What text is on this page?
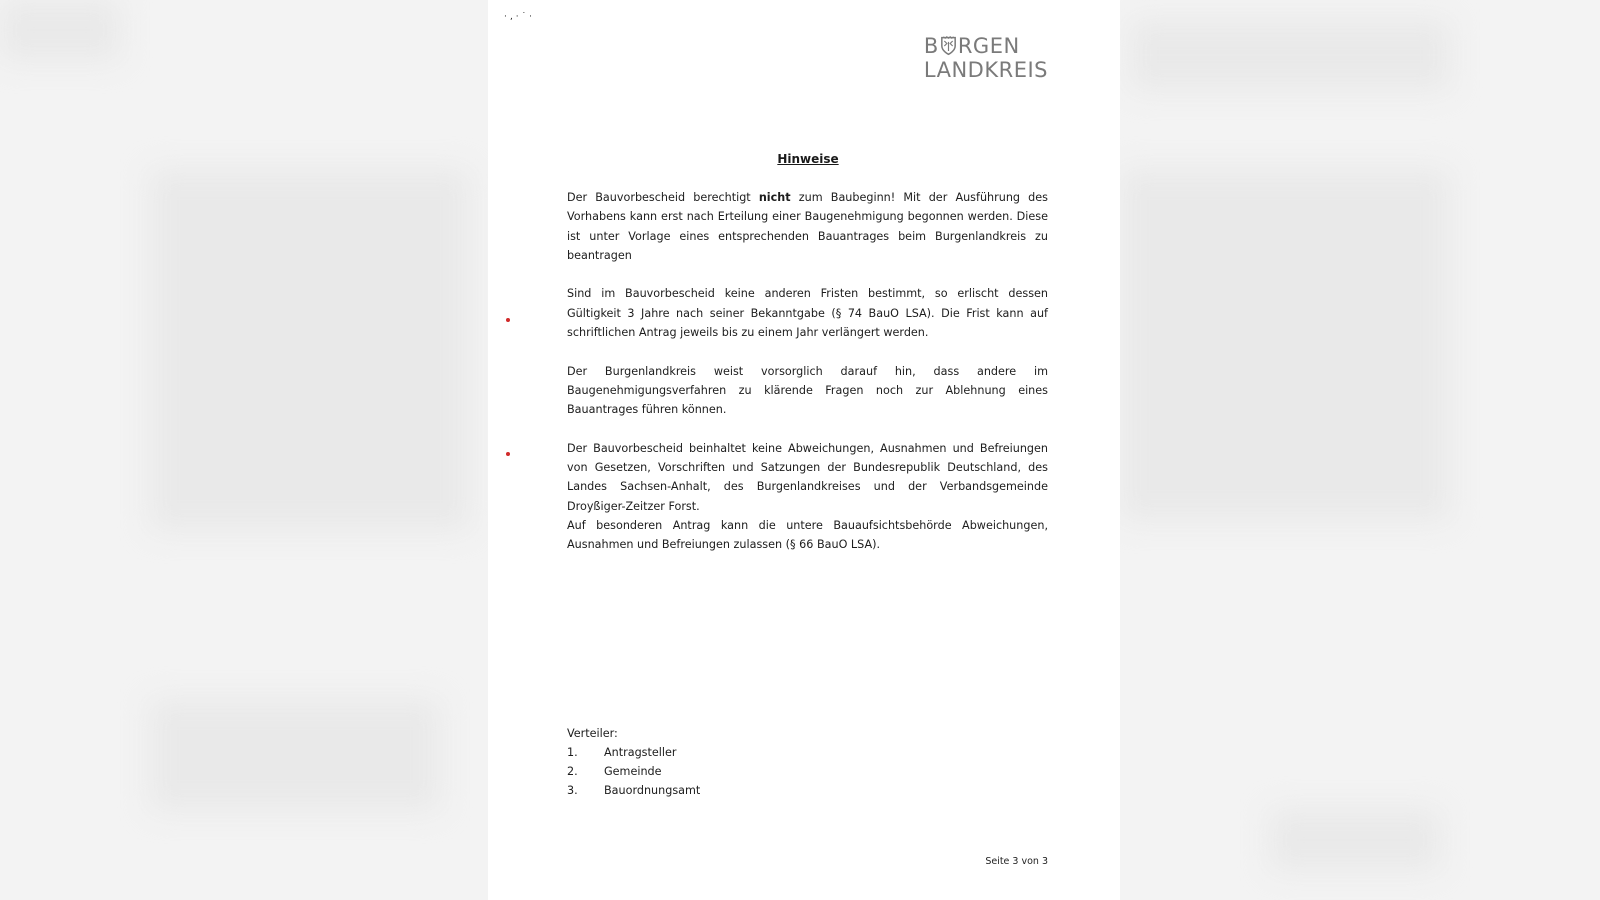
·‚·˙·
B RGEN
LANDKREIS
Hinweise

Der Bauvorbescheid berechtigt nicht zum Baubeginn! Mit der Ausführung des Vorhabens kann erst nach Erteilung einer Baugenehmigung begonnen werden. Diese ist unter Vorlage eines entsprechenden Bauantrages beim Burgenlandkreis zu beantragen

Sind im Bauvorbescheid keine anderen Fristen bestimmt, so erlischt dessen Gültigkeit 3 Jahre nach seiner Bekanntgabe (§ 74 BauO LSA). Die Frist kann auf schriftlichen Antrag jeweils bis zu einem Jahr verlängert werden.

Der Burgenlandkreis weist vorsorglich darauf hin, dass andere im Baugenehmigungsverfahren zu klärende Fragen noch zur Ablehnung eines Bauantrages führen können.

Der Bauvorbescheid beinhaltet keine Abweichungen, Ausnahmen und Befreiungen von Gesetzen, Vorschriften und Satzungen der Bundesrepublik Deutschland, des Landes Sachsen-Anhalt, des Burgenlandkreises und der Verbandsgemeinde Droyßiger-Zeitzer Forst.

Auf besonderen Antrag kann die untere Bauaufsichtsbehörde Abweichungen, Ausnahmen und Befreiungen zulassen (§ 66 BauO LSA).

Verteiler:
1.	Antragsteller
2.	Gemeinde
3.	Bauordnungsamt
Seite 3 von 3
